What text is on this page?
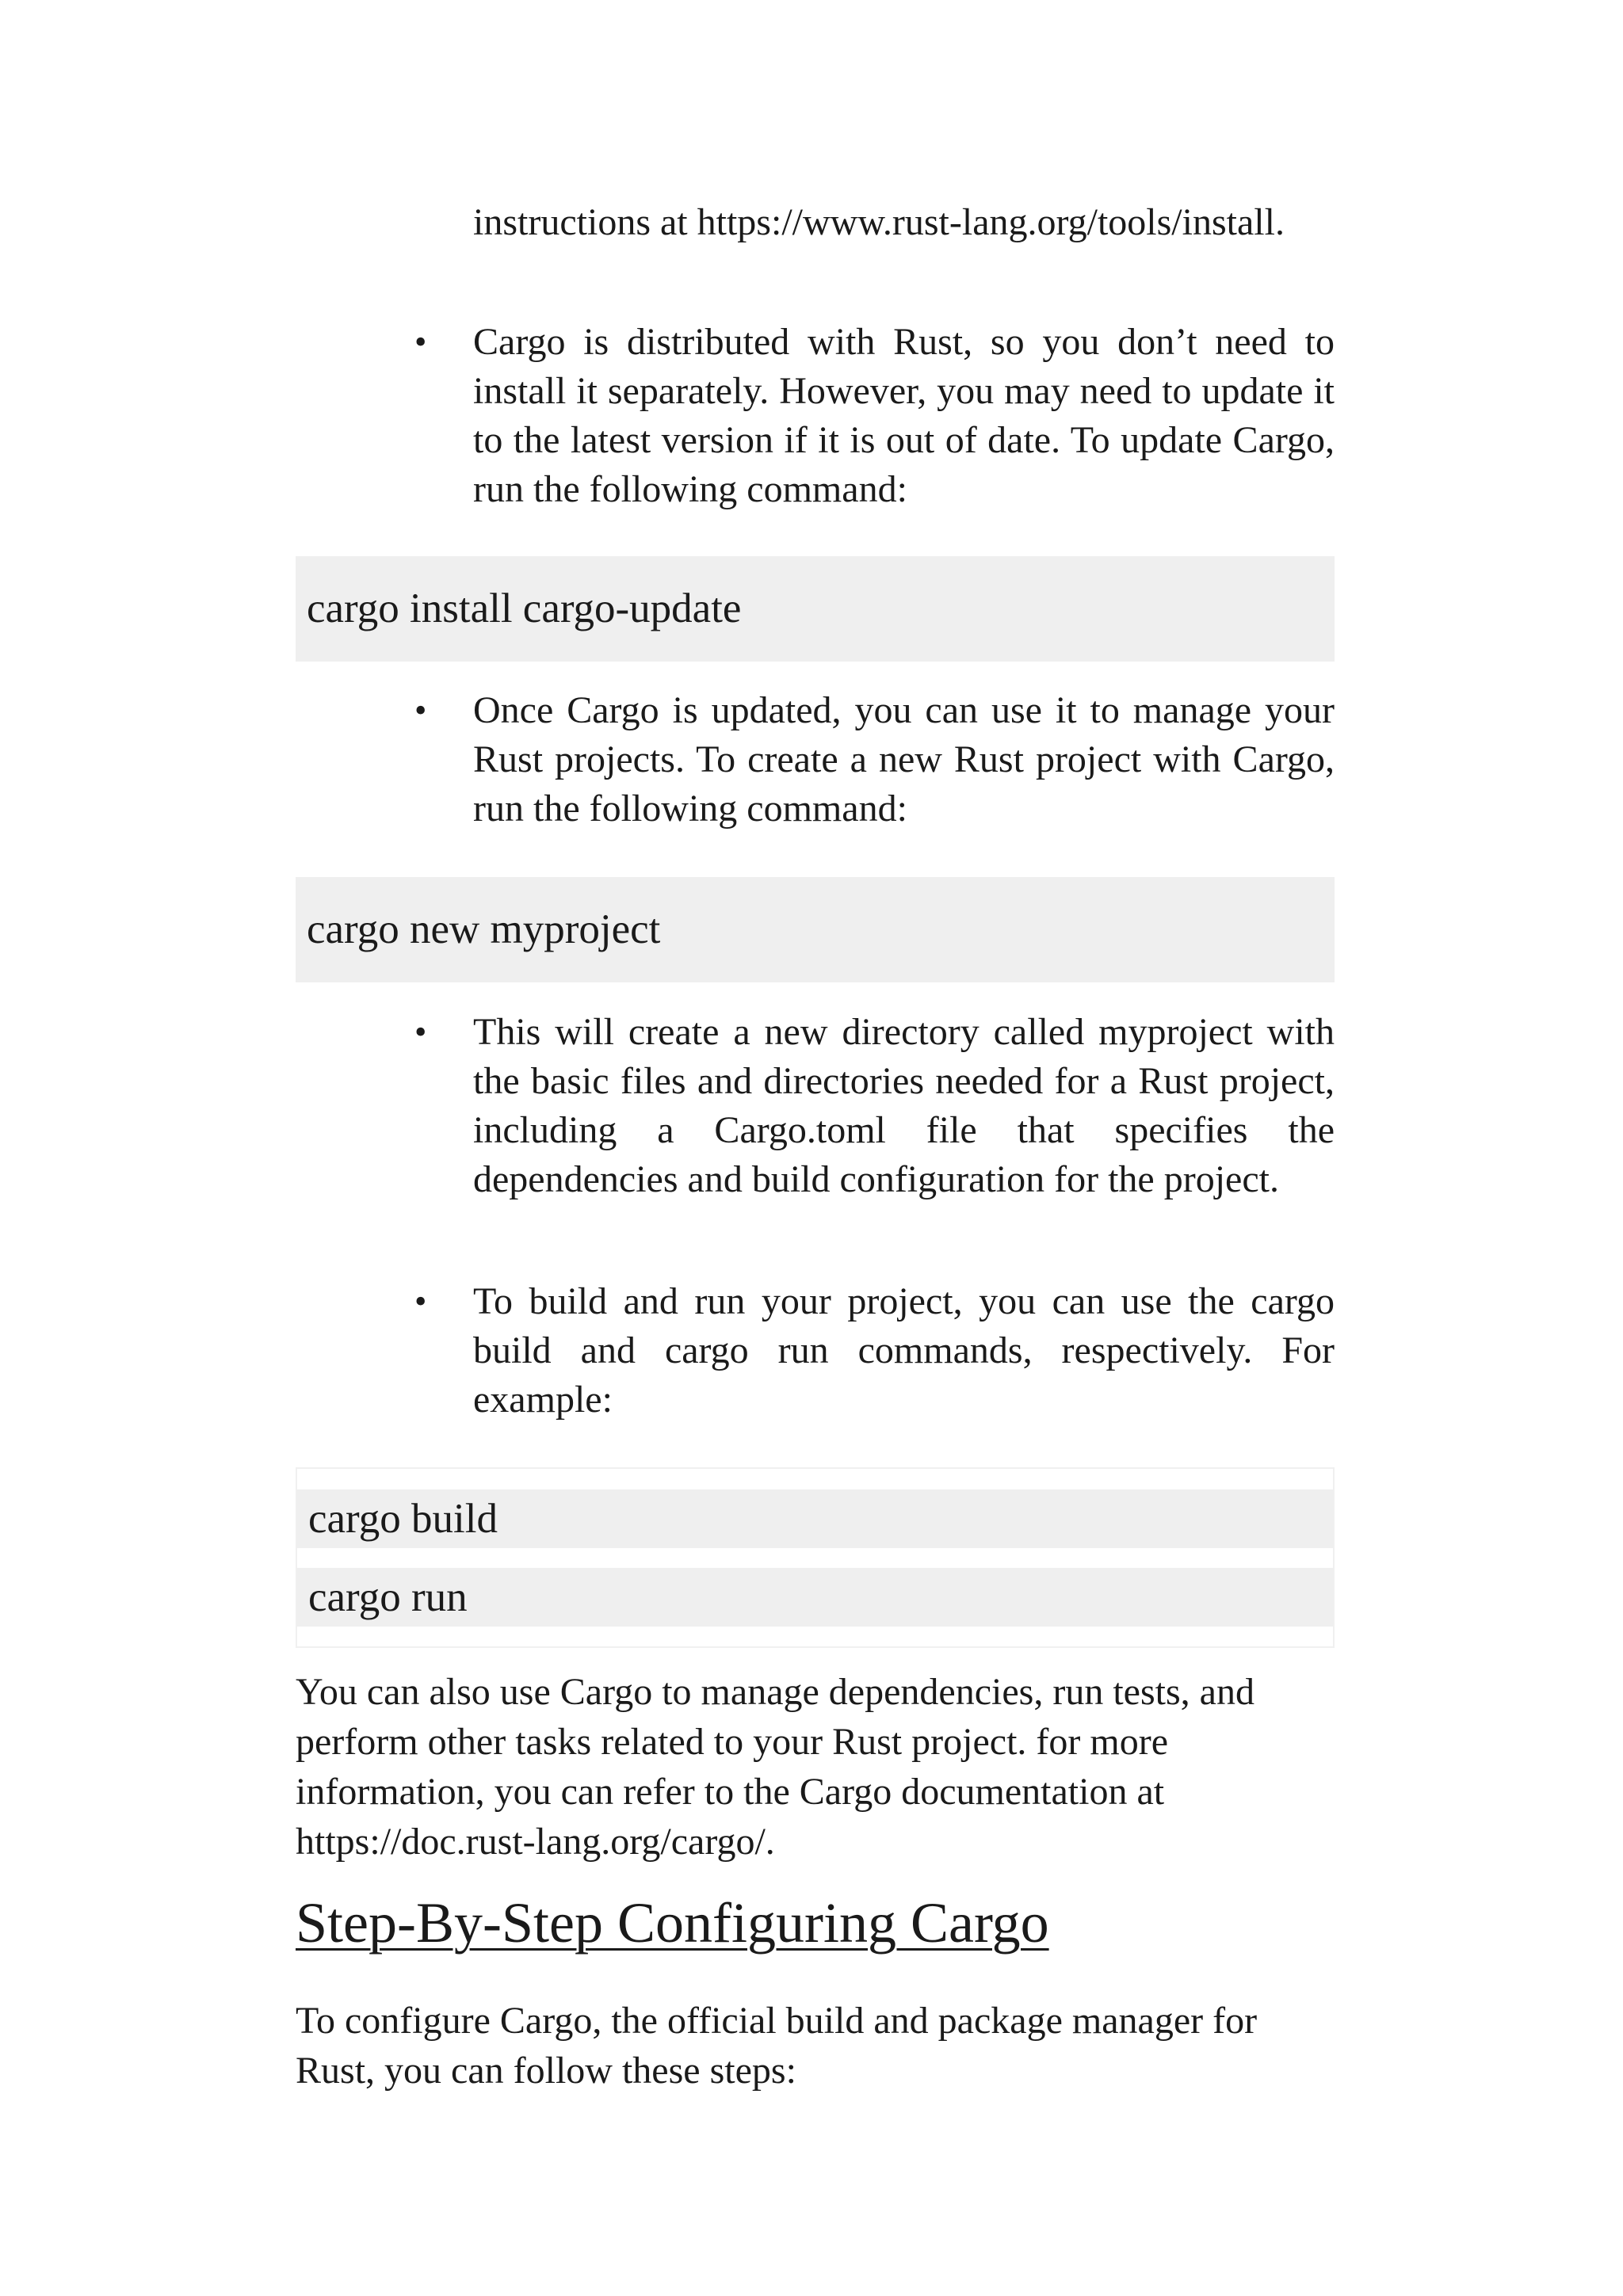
instructions at https://www.rust-lang.org/tools/install.
• Cargo is distributed with Rust, so you don’t need to install it separately. However, you may need to update it to the latest version if it is out of date. To update Cargo, run the following command:
cargo install cargo-update
• Once Cargo is updated, you can use it to manage your Rust projects. To create a new Rust project with Cargo, run the following command:
cargo new myproject
• This will create a new directory called myproject with the basic files and directories needed for a Rust project, including a Cargo.toml file that specifies the dependencies and build configuration for the project.
• To build and run your project, you can use the cargo build and cargo run commands, respectively. For example:
cargo build
cargo run
You can also use Cargo to manage dependencies, run tests, and perform other tasks related to your Rust project. for more information, you can refer to the Cargo documentation at https://doc.rust-lang.org/cargo/.
Step-By-Step Configuring Cargo
To configure Cargo, the official build and package manager for Rust, you can follow these steps:
